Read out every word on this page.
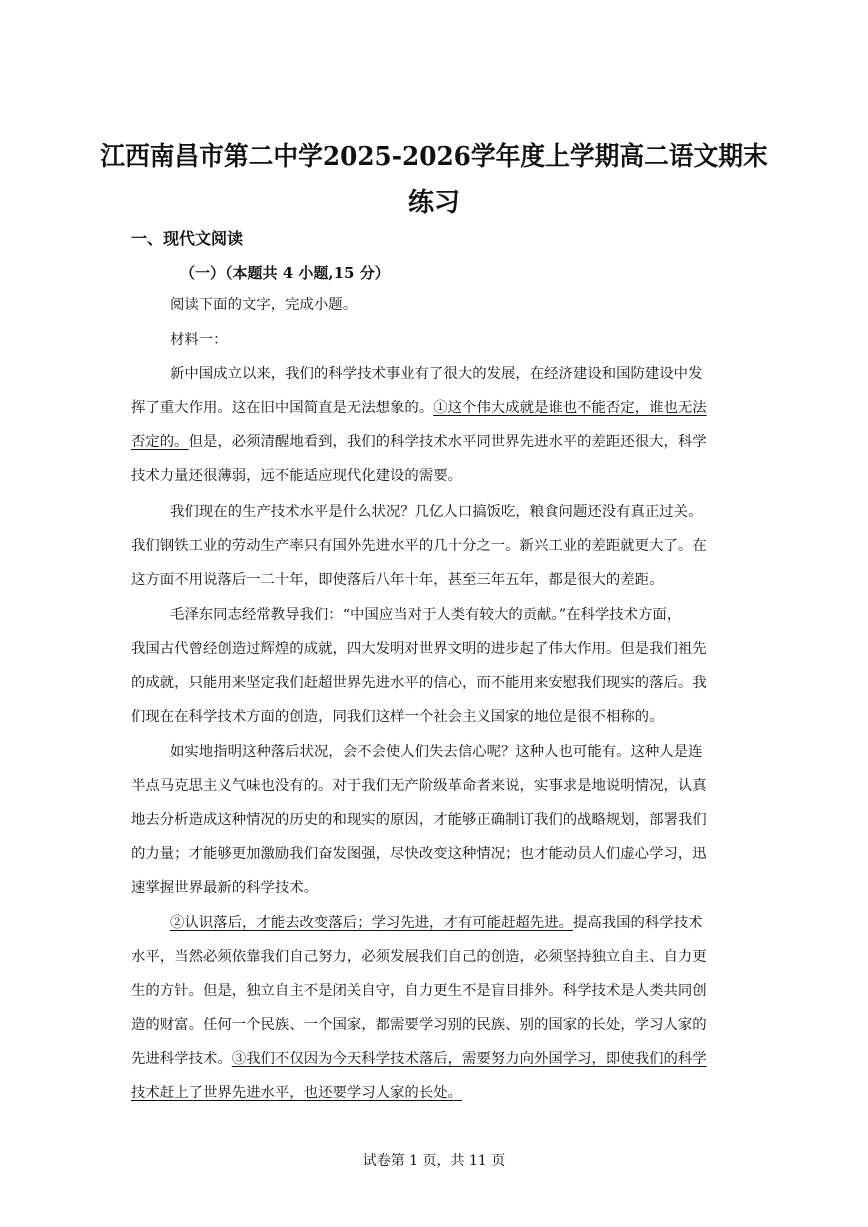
江西南昌市第二中学2025-2026学年度上学期高二语文期末
练习
一、现代文阅读
（一）（本题共 4 小题,15 分）
阅读下面的文字，完成小题。
材料一：
新中国成立以来，我们的科学技术事业有了很大的发展，在经济建设和国防建设中发
挥了重大作用。这在旧中国简直是无法想象的。①这个伟大成就是谁也不能否定，谁也无法
否定的。但是，必须清醒地看到，我们的科学技术水平同世界先进水平的差距还很大，科学
技术力量还很薄弱，远不能适应现代化建设的需要。
我们现在的生产技术水平是什么状况？几亿人口搞饭吃，粮食问题还没有真正过关。
我们钢铁工业的劳动生产率只有国外先进水平的几十分之一。新兴工业的差距就更大了。在
这方面不用说落后一二十年，即使落后八年十年，甚至三年五年，都是很大的差距。
毛泽东同志经常教导我们：“中国应当对于人类有较大的贡献。”在科学技术方面，
我国古代曾经创造过辉煌的成就，四大发明对世界文明的进步起了伟大作用。但是我们祖先
的成就，只能用来坚定我们赶超世界先进水平的信心，而不能用来安慰我们现实的落后。我
们现在在科学技术方面的创造，同我们这样一个社会主义国家的地位是很不相称的。
如实地指明这种落后状况，会不会使人们失去信心呢？这种人也可能有。这种人是连
半点马克思主义气味也没有的。对于我们无产阶级革命者来说，实事求是地说明情况，认真
地去分析造成这种情况的历史的和现实的原因，才能够正确制订我们的战略规划，部署我们
的力量；才能够更加激励我们奋发图强，尽快改变这种情况；也才能动员人们虚心学习，迅
速掌握世界最新的科学技术。
②认识落后，才能去改变落后；学习先进，才有可能赶超先进。提高我国的科学技术
水平，当然必须依靠我们自己努力，必须发展我们自己的创造，必须坚持独立自主、自力更
生的方针。但是，独立自主不是闭关自守，自力更生不是盲目排外。科学技术是人类共同创
造的财富。任何一个民族、一个国家，都需要学习别的民族、别的国家的长处，学习人家的
先进科学技术。③我们不仅因为今天科学技术落后，需要努力向外国学习，即使我们的科学
技术赶上了世界先进水平，也还要学习人家的长处。
试卷第 1 页，共 11 页
